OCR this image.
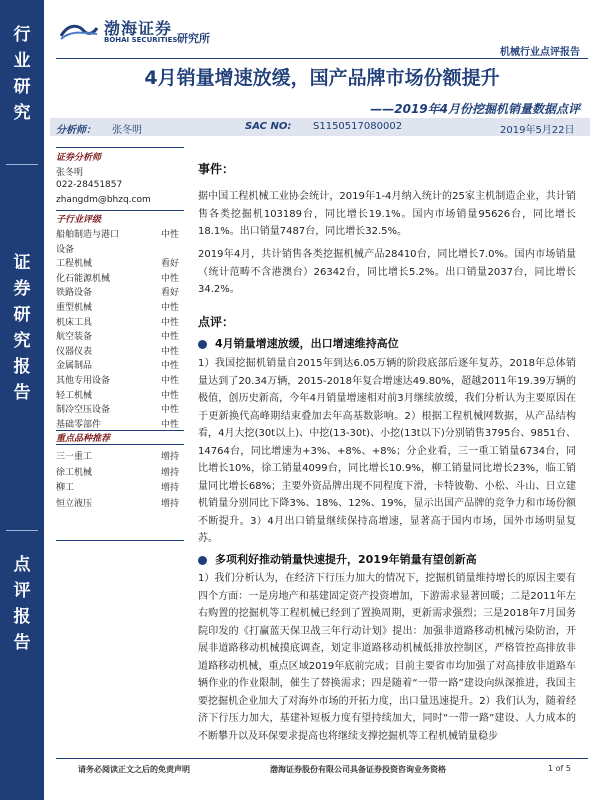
行
业
研
究
证
券
研
究
报
告
点
评
报
告
渤海证券
BOHAI SECURITIES 研究所
机械行业点评报告
4月销量增速放缓，国产品牌市场份额提升
——2019年4月份挖掘机销量数据点评
分析师： 张冬明	SAC NO: S1150517080002	2019年5月22日
证券分析师
张冬明
022-28451857
zhangdm@bhzq.com
子行业评级
船舶制造与港口	中性
设备
工程机械	看好
化石能源机械	中性
铁路设备	看好
重型机械	中性
机床工具	中性
航空装备	中性
仪器仪表	中性
金属制品	中性
其他专用设备	中性
轻工机械	中性
制冷空压设备	中性
基础零部件	中性
重点品种推荐
三一重工	增持
徐工机械	增持
柳工	增持
恒立液压	增持
事件：
据中国工程机械工业协会统计，2019年1-4月纳入统计的25家主机制造企业，共计销售各类挖掘机103189台，同比增长19.1%。国内市场销量95626台，同比增长18.1%。出口销量7487台，同比增长32.5%。
2019年4月，共计销售各类挖掘机械产品28410台，同比增长7.0%。国内市场销量（统计范畴不含港澳台）26342台，同比增长5.2%。出口销量2037台，同比增长34.2%。
点评：
4月销量增速放缓，出口增速维持高位
1）我国挖掘机销量自2015年到达6.05万辆的阶段底部后逐年复苏，2018年总体销量达到了20.34万辆，2015-2018年复合增速达49.80%，超越2011年19.39万辆的极值，创历史新高，今年4月销量增速相对前3月继续放缓，我们分析认为主要原因在于更新换代高峰期结束叠加去年高基数影响。2）根据工程机械网数据，从产品结构看，4月大挖(30t以上)、中挖(13-30t)、小挖(13t以下)分别销售3795台、9851台、14764台，同比增速为+3%、+8%、+8%；分企业看，三一重工销量6734台，同比增长10%，徐工销量4099台，同比增长10.9%，柳工销量同比增长23%，临工销量同比增长68%；主要外资品牌出现不同程度下滑，卡特彼勒、小松、斗山、日立建机销量分别同比下降3%、18%、12%、19%，显示出国产品牌的竞争力和市场份额不断提升。3）4月出口销量继续保持高增速，显著高于国内市场，国外市场明显复苏。
多项利好推动销量快速提升，2019年销量有望创新高
1）我们分析认为，在经济下行压力加大的情况下，挖掘机销量维持增长的原因主要有四个方面：一是房地产和基建固定资产投资增加，下游需求显著回暖；二是2011年左右购置的挖掘机等工程机械已经到了置换周期，更新需求强烈；三是2018年7月国务院印发的《打赢蓝天保卫战三年行动计划》提出：加强非道路移动机械污染防治，开展非道路移动机械摸底调查，划定非道路移动机械低排放控制区，严格管控高排放非道路移动机械，重点区域2019年底前完成；目前主要省市均加强了对高排放非道路车辆作业的作业限制，催生了替换需求；四是随着“一带一路”建设向纵深推进，我国主要挖掘机企业加大了对海外市场的开拓力度，出口量迅速提升。2）我们认为，随着经济下行压力加大，基建补短板力度有望持续加大，同时“一带一路”建设、人力成本的不断攀升以及环保要求提高也将继续支撑挖掘机等工程机械销量稳步
请务必阅读正文之后的免责声明	渤海证券股份有限公司具备证券投资咨询业务资格	1 of 5
